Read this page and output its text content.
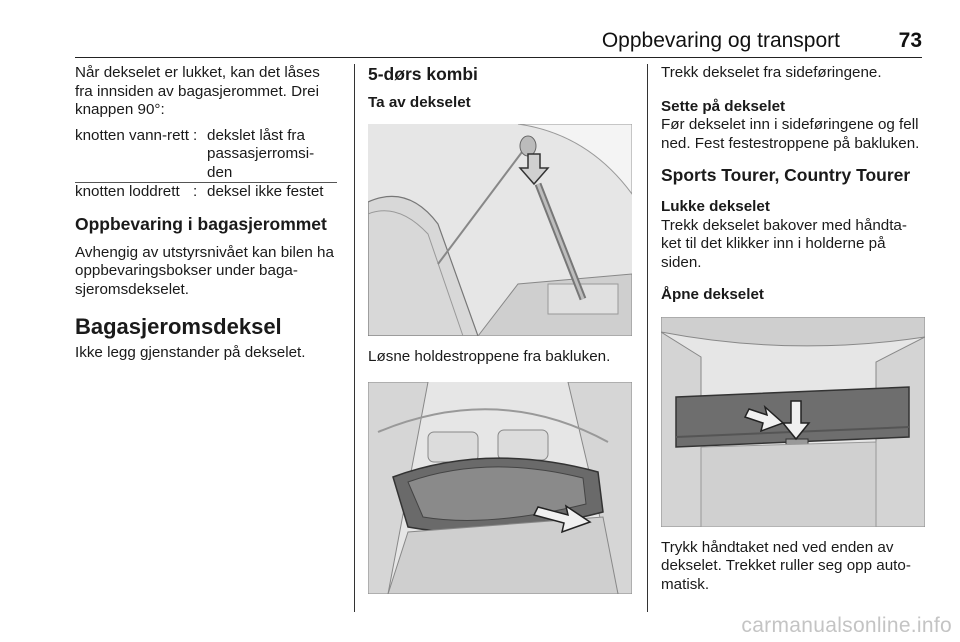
Oppbevaring og transport	73

Når dekselet er lukket, kan det låses fra innsiden av bagasjerommet. Drei knappen 90°:

knotten vann-rett : dekslet låst fra passasjerromsi-den
knotten loddrett : deksel ikke festet
Oppbevaring i bagasjerommet

Avhengig av utstyrsnivået kan bilen ha oppbevaringsbokser under baga-sjeromsdekselet.

Bagasjeromsdeksel

Ikke legg gjenstander på dekselet.

5-dørs kombi
Ta av dekselet

Løsne holdestroppene fra bakluken.

Trekk dekselet fra sideføringene.

Sette på dekselet

Før dekselet inn i sideføringene og fell ned. Fest festestroppene på bakluken.

Sports Tourer, Country Tourer
Lukke dekselet

Trekk dekselet bakover med håndta-ket til det klikker inn i holderne på siden.

Åpne dekselet

Trykk håndtaket ned ved enden av dekselet. Trekket ruller seg opp auto-matisk.

carmanualsonline.info
